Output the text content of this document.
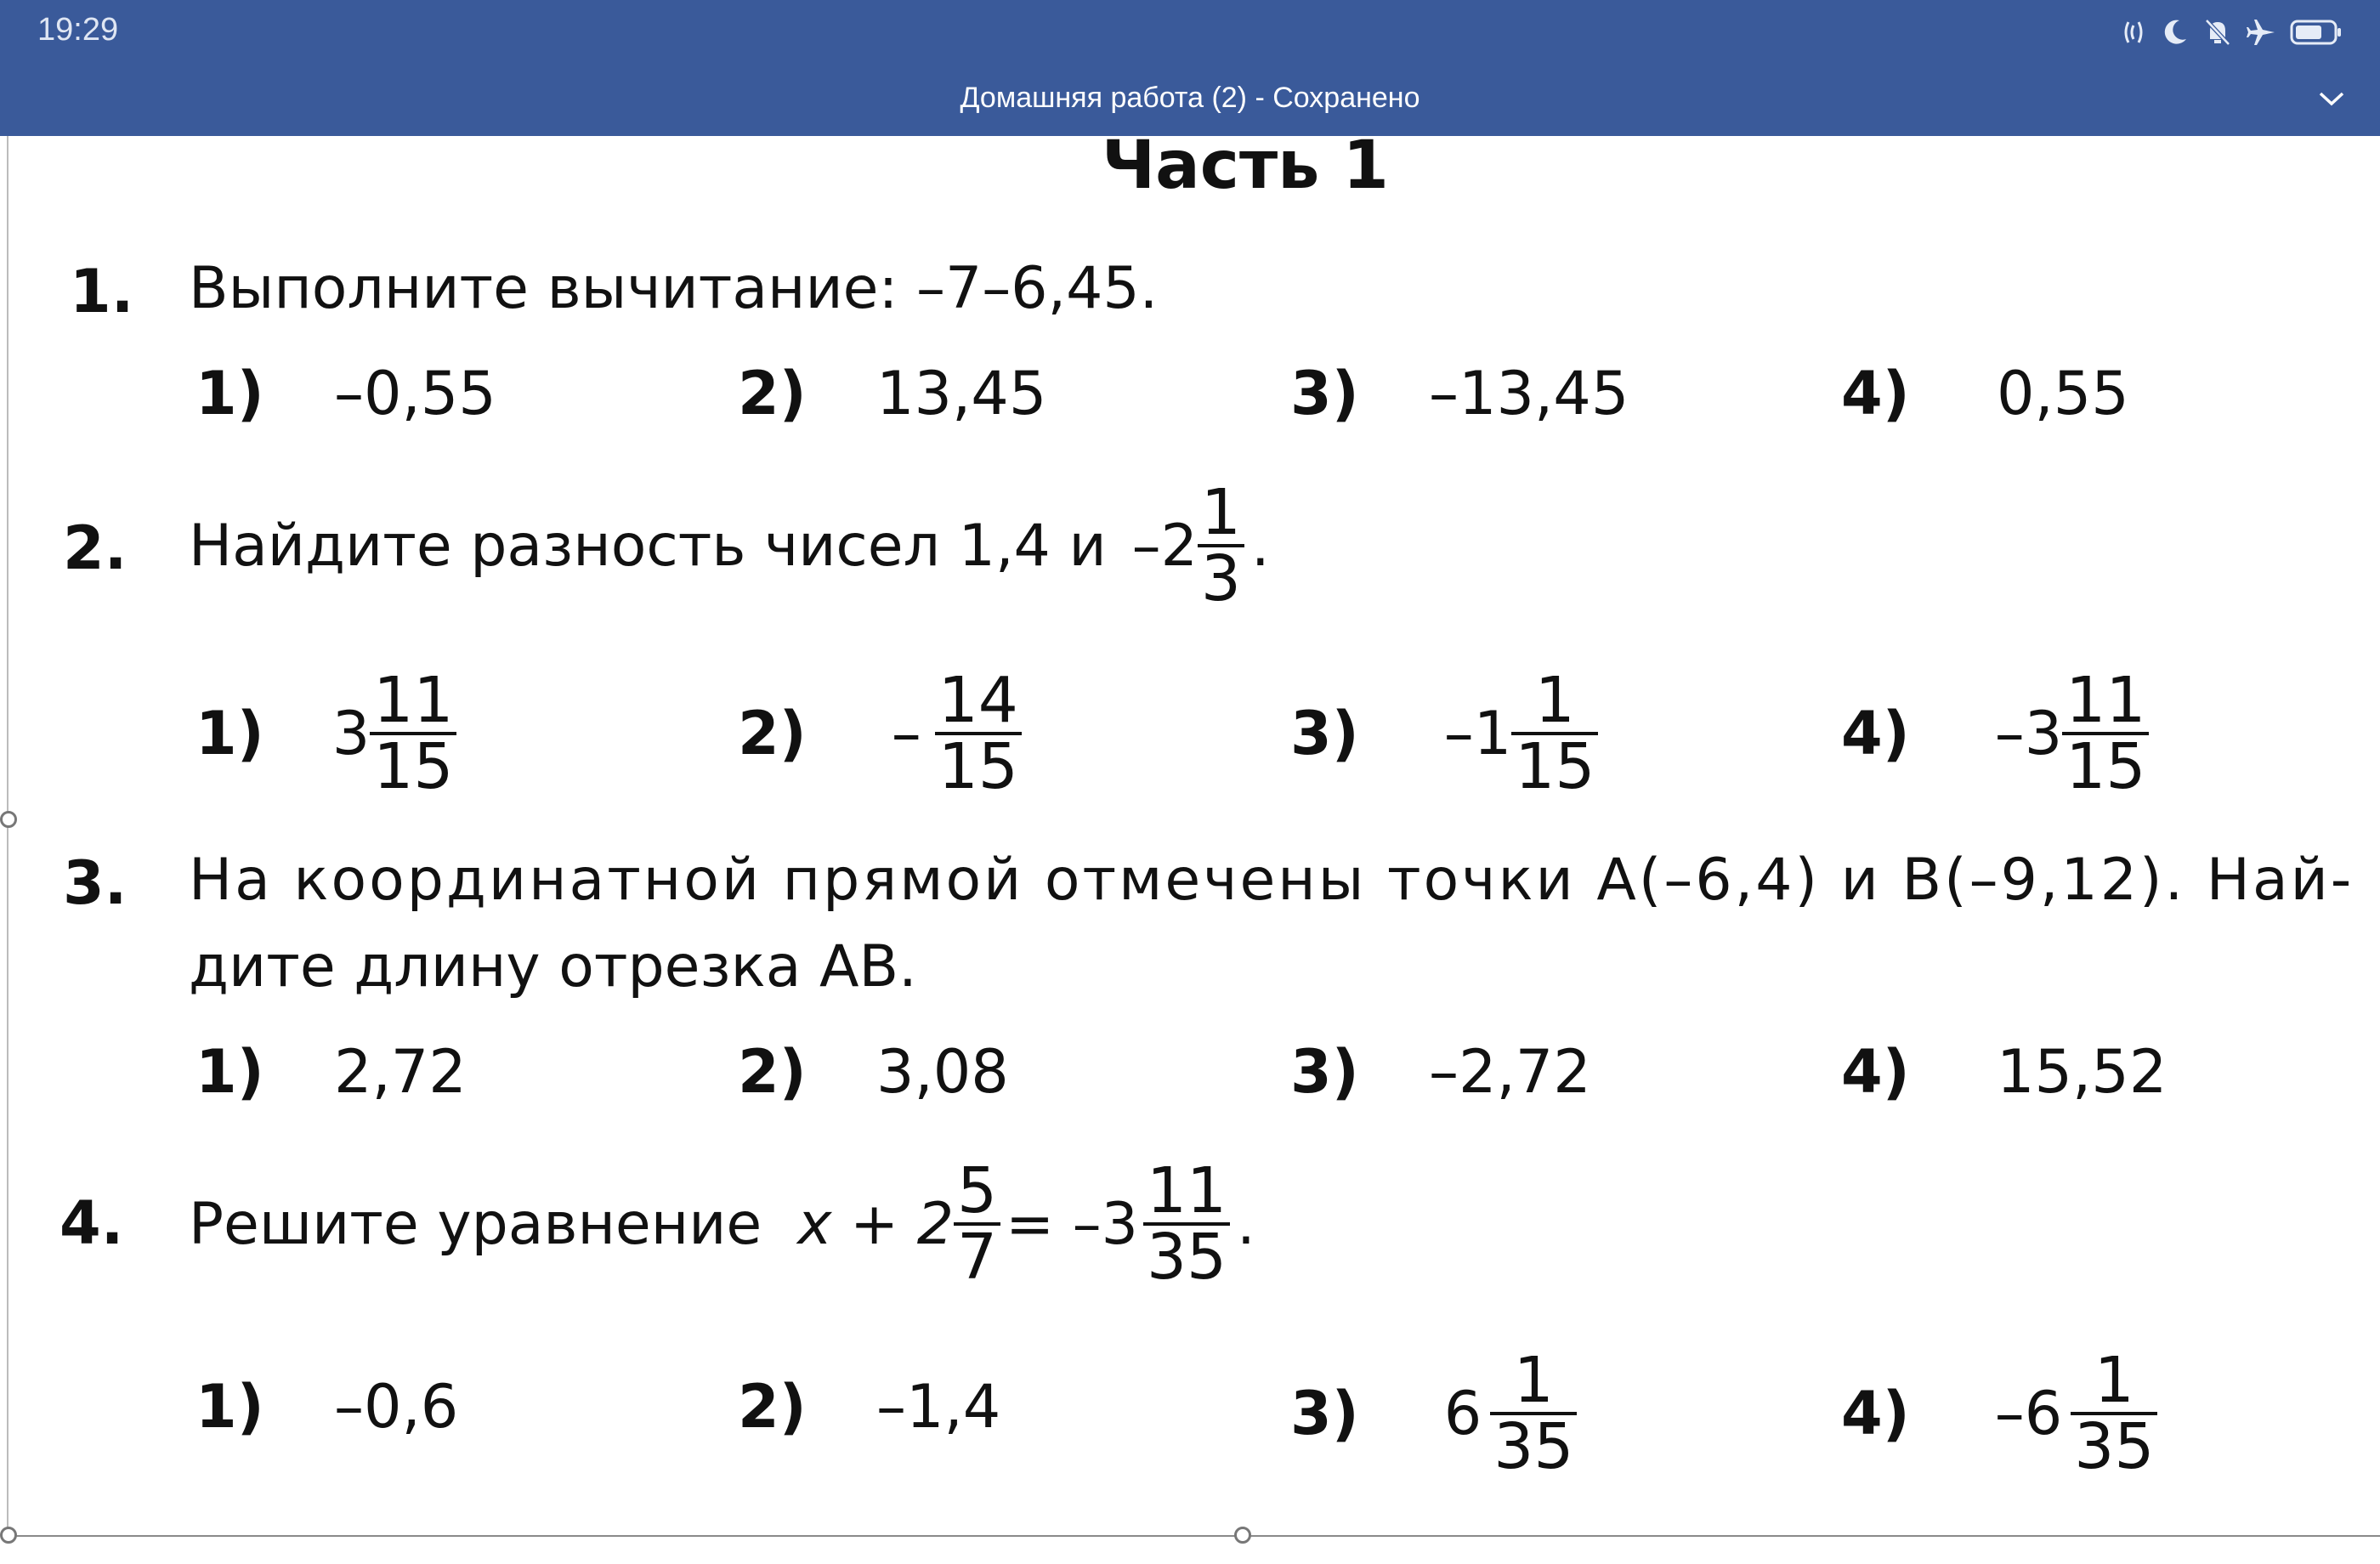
19:29
Домашняя работа (2) - Сохранено
Часть 1
1. Выполните вычитание: –7–6,45.
1) –0,55	2) 13,45	3) –13,45	4) 0,55
2. Найдите разность чисел 1,4 и $-2 \frac{1}{3}$ .
1) $3 \frac{11}{15}$	$2) - \frac{14}{15}$	3) $-1 \frac{1}{15}$	4) $-3 \frac{11}{15}$
3. На координатной прямой отмечены точки A(–6,4) и B(–9,12). Най-
дите длину отрезка AB.
1) 2,72	2) 3,08	3) –2,72	4) 15,52
4. Решите уравнение $x + 2 \frac{5}{7} = -3 \frac{11}{35}$ .
1) –0,6	2) –1,4	3) $6 \frac{1}{35}$	4) $-6 \frac{1}{35}$
